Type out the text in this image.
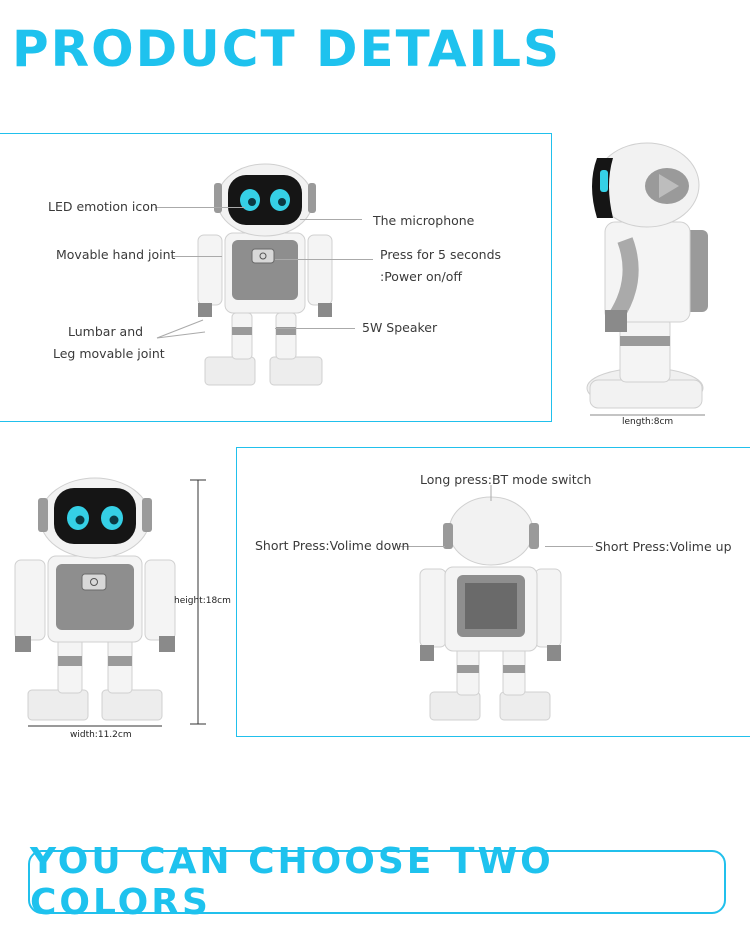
PRODUCT DETAILS
LED emotion icon
The microphone
Movable hand joint	Press for 5 seconds
:Power on/off
Lumbar and
Leg movable joint
5W Speaker
length:8cm
height:18cm
width:11.2cm
Long press:BT mode switch
Short Press:Volime down	Short Press:Volime up
YOU CAN CHOOSE TWO COLORS
